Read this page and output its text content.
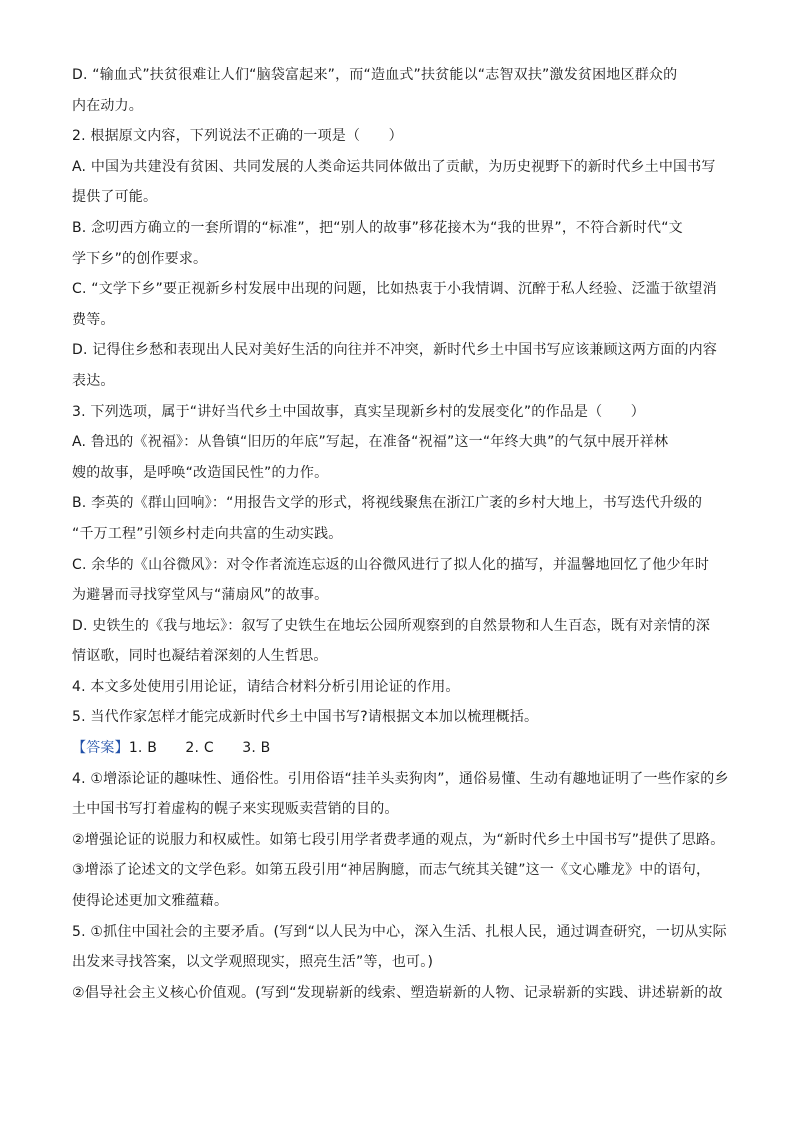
D. “输血式”扶贫很难让人们“脑袋富起来”，而“造血式”扶贫能以“志智双扶”激发贫困地区群众的
内在动力。
2. 根据原文内容，下列说法不正确的一项是（　　）
A. 中国为共建没有贫困、共同发展的人类命运共同体做出了贡献，为历史视野下的新时代乡土中国书写
提供了可能。
B. 念叨西方确立的一套所谓的“标准”，把“别人的故事”移花接木为“我的世界”，不符合新时代“文
学下乡”的创作要求。
C. “文学下乡”要正视新乡村发展中出现的问题，比如热衷于小我情调、沉醉于私人经验、泛滥于欲望消
费等。
D. 记得住乡愁和表现出人民对美好生活的向往并不冲突，新时代乡土中国书写应该兼顾这两方面的内容
表达。
3. 下列选项，属于“讲好当代乡土中国故事，真实呈现新乡村的发展变化”的作品是（　　）
A. 鲁迅的《祝福》：从鲁镇“旧历的年底”写起，在准备“祝福”这一“年终大典”的气氛中展开祥林
嫂的故事，是呼唤“改造国民性”的力作。
B. 李英的《群山回响》：“用报告文学的形式，将视线聚焦在浙江广袤的乡村大地上，书写迭代升级的
“千万工程”引领乡村走向共富的生动实践。
C. 余华的《山谷微风》：对令作者流连忘返的山谷微风进行了拟人化的描写，并温馨地回忆了他少年时
为避暑而寻找穿堂风与“蒲扇风”的故事。
D. 史铁生的《我与地坛》：叙写了史铁生在地坛公园所观察到的自然景物和人生百态，既有对亲情的深
情讴歌，同时也凝结着深刻的人生哲思。
4. 本文多处使用引用论证，请结合材料分析引用论证的作用。
5. 当代作家怎样才能完成新时代乡土中国书写?请根据文本加以梳理概括。
【答案】1. B　　2. C　　3. B
4. ①增添论证的趣味性、通俗性。引用俗语“挂羊头卖狗肉”，通俗易懂、生动有趣地证明了一些作家的乡
土中国书写打着虚构的幌子来实现贩卖营销的目的。
②增强论证的说服力和权威性。如第七段引用学者费孝通的观点，为“新时代乡土中国书写”提供了思路。
③增添了论述文的文学色彩。如第五段引用“神居胸臆，而志气统其关键”这一《文心雕龙》中的语句，
使得论述更加文雅蕴藉。
5. ①抓住中国社会的主要矛盾。(写到“以人民为中心，深入生活、扎根人民，通过调查研究，一切从实际
出发来寻找答案，以文学观照现实，照亮生活”等，也可。)
②倡导社会主义核心价值观。(写到“发现崭新的线索、塑造崭新的人物、记录崭新的实践、讲述崭新的故
